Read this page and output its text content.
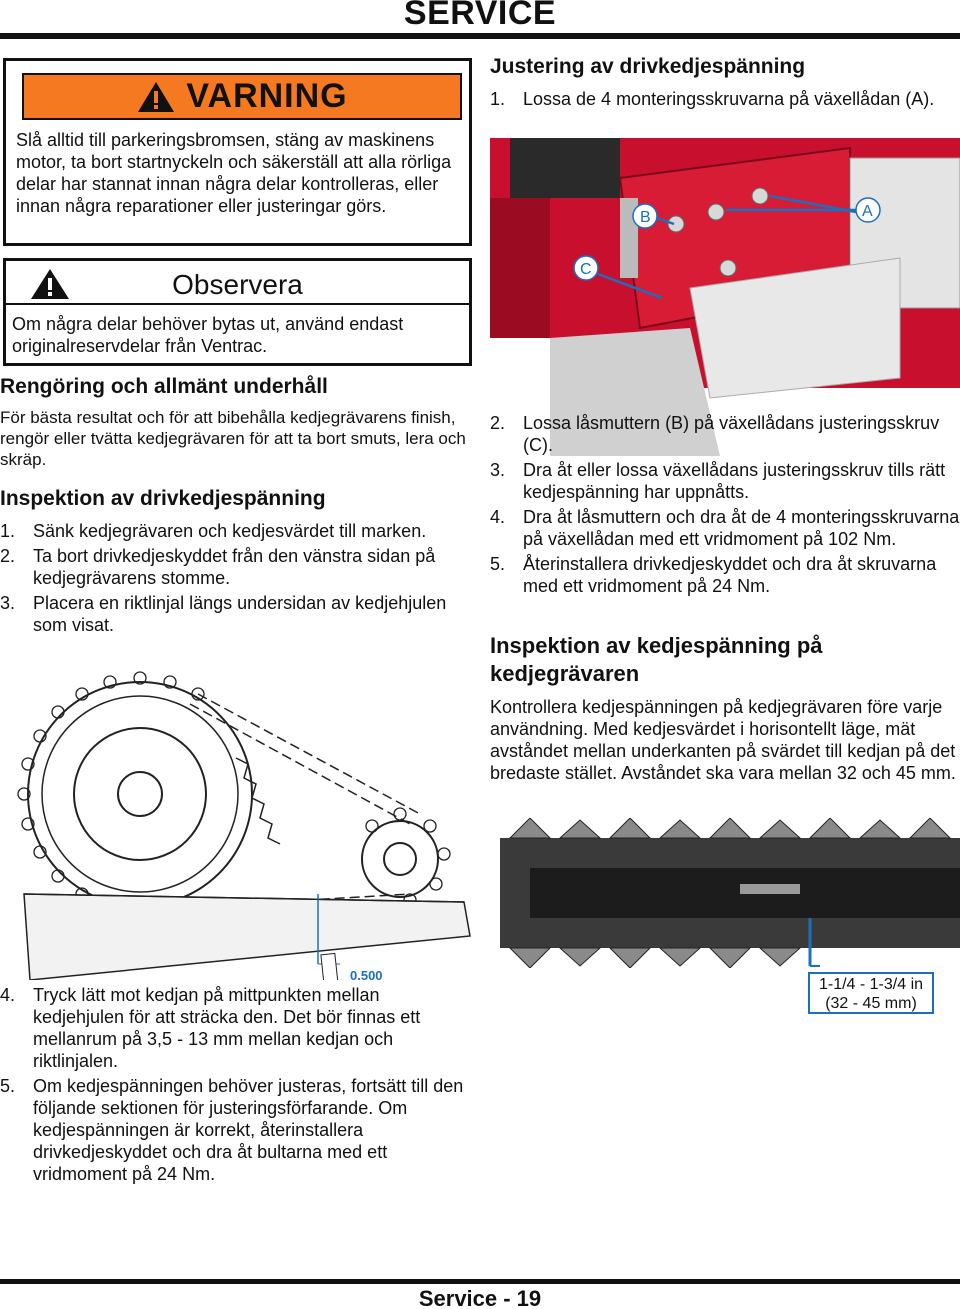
SERVICE
VARNING
Slå alltid till parkeringsbromsen, stäng av maskinens motor, ta bort startnyckeln och säkerställ att alla rörliga delar har stannat innan några delar kontrolleras, eller innan några reparationer eller justeringar görs.
Observera
Om några delar behöver bytas ut, använd endast originalreservdelar från Ventrac.
Rengöring och allmänt underhåll

För bästa resultat och för att bibehålla kedjegrävarens finish, rengör eller tvätta kedjegrävaren för att ta bort smuts, lera och skräp.

Inspektion av drivkedjespänning
1. Sänk kedjegrävaren och kedjesvärdet till marken.
2. Ta bort drivkedjeskyddet från den vänstra sidan på kedjegrävarens stomme.
3. Placera en riktlinjal längs undersidan av kedjehjulen som visat.
0.500
4. Tryck lätt mot kedjan på mittpunkten mellan kedjehjulen för att sträcka den. Det bör finnas ett mellanrum på 3,5 - 13 mm mellan kedjan och riktlinjalen.
5. Om kedjespänningen behöver justeras, fortsätt till den följande sektionen för justeringsförfarande. Om kedjespänningen är korrekt, återinstallera drivkedjeskyddet och dra åt bultarna med ett vridmoment på 24 Nm.
Justering av drivkedjespänning
1. Lossa de 4 monteringsskruvarna på växellådan (A).
B	A
C
2. Lossa låsmuttern (B) på växellådans justeringsskruv (C).
3. Dra åt eller lossa växellådans justeringsskruv tills rätt kedjespänning har uppnåtts.
4. Dra åt låsmuttern och dra åt de 4 monteringsskruvarna på växellådan med ett vridmoment på 102 Nm.
5. Återinstallera drivkedjeskyddet och dra åt skruvarna med ett vridmoment på 24 Nm.
Inspektion av kedjespänning på kedjegrävaren

Kontrollera kedjespänningen på kedjegrävaren före varje användning. Med kedjesvärdet i horisontellt läge, mät avståndet mellan underkanten på svärdet till kedjan på det bredaste stället. Avståndet ska vara mellan 32 och 45 mm.

1-1/4 - 1-3/4 in
(32 - 45 mm)
Service - 19
